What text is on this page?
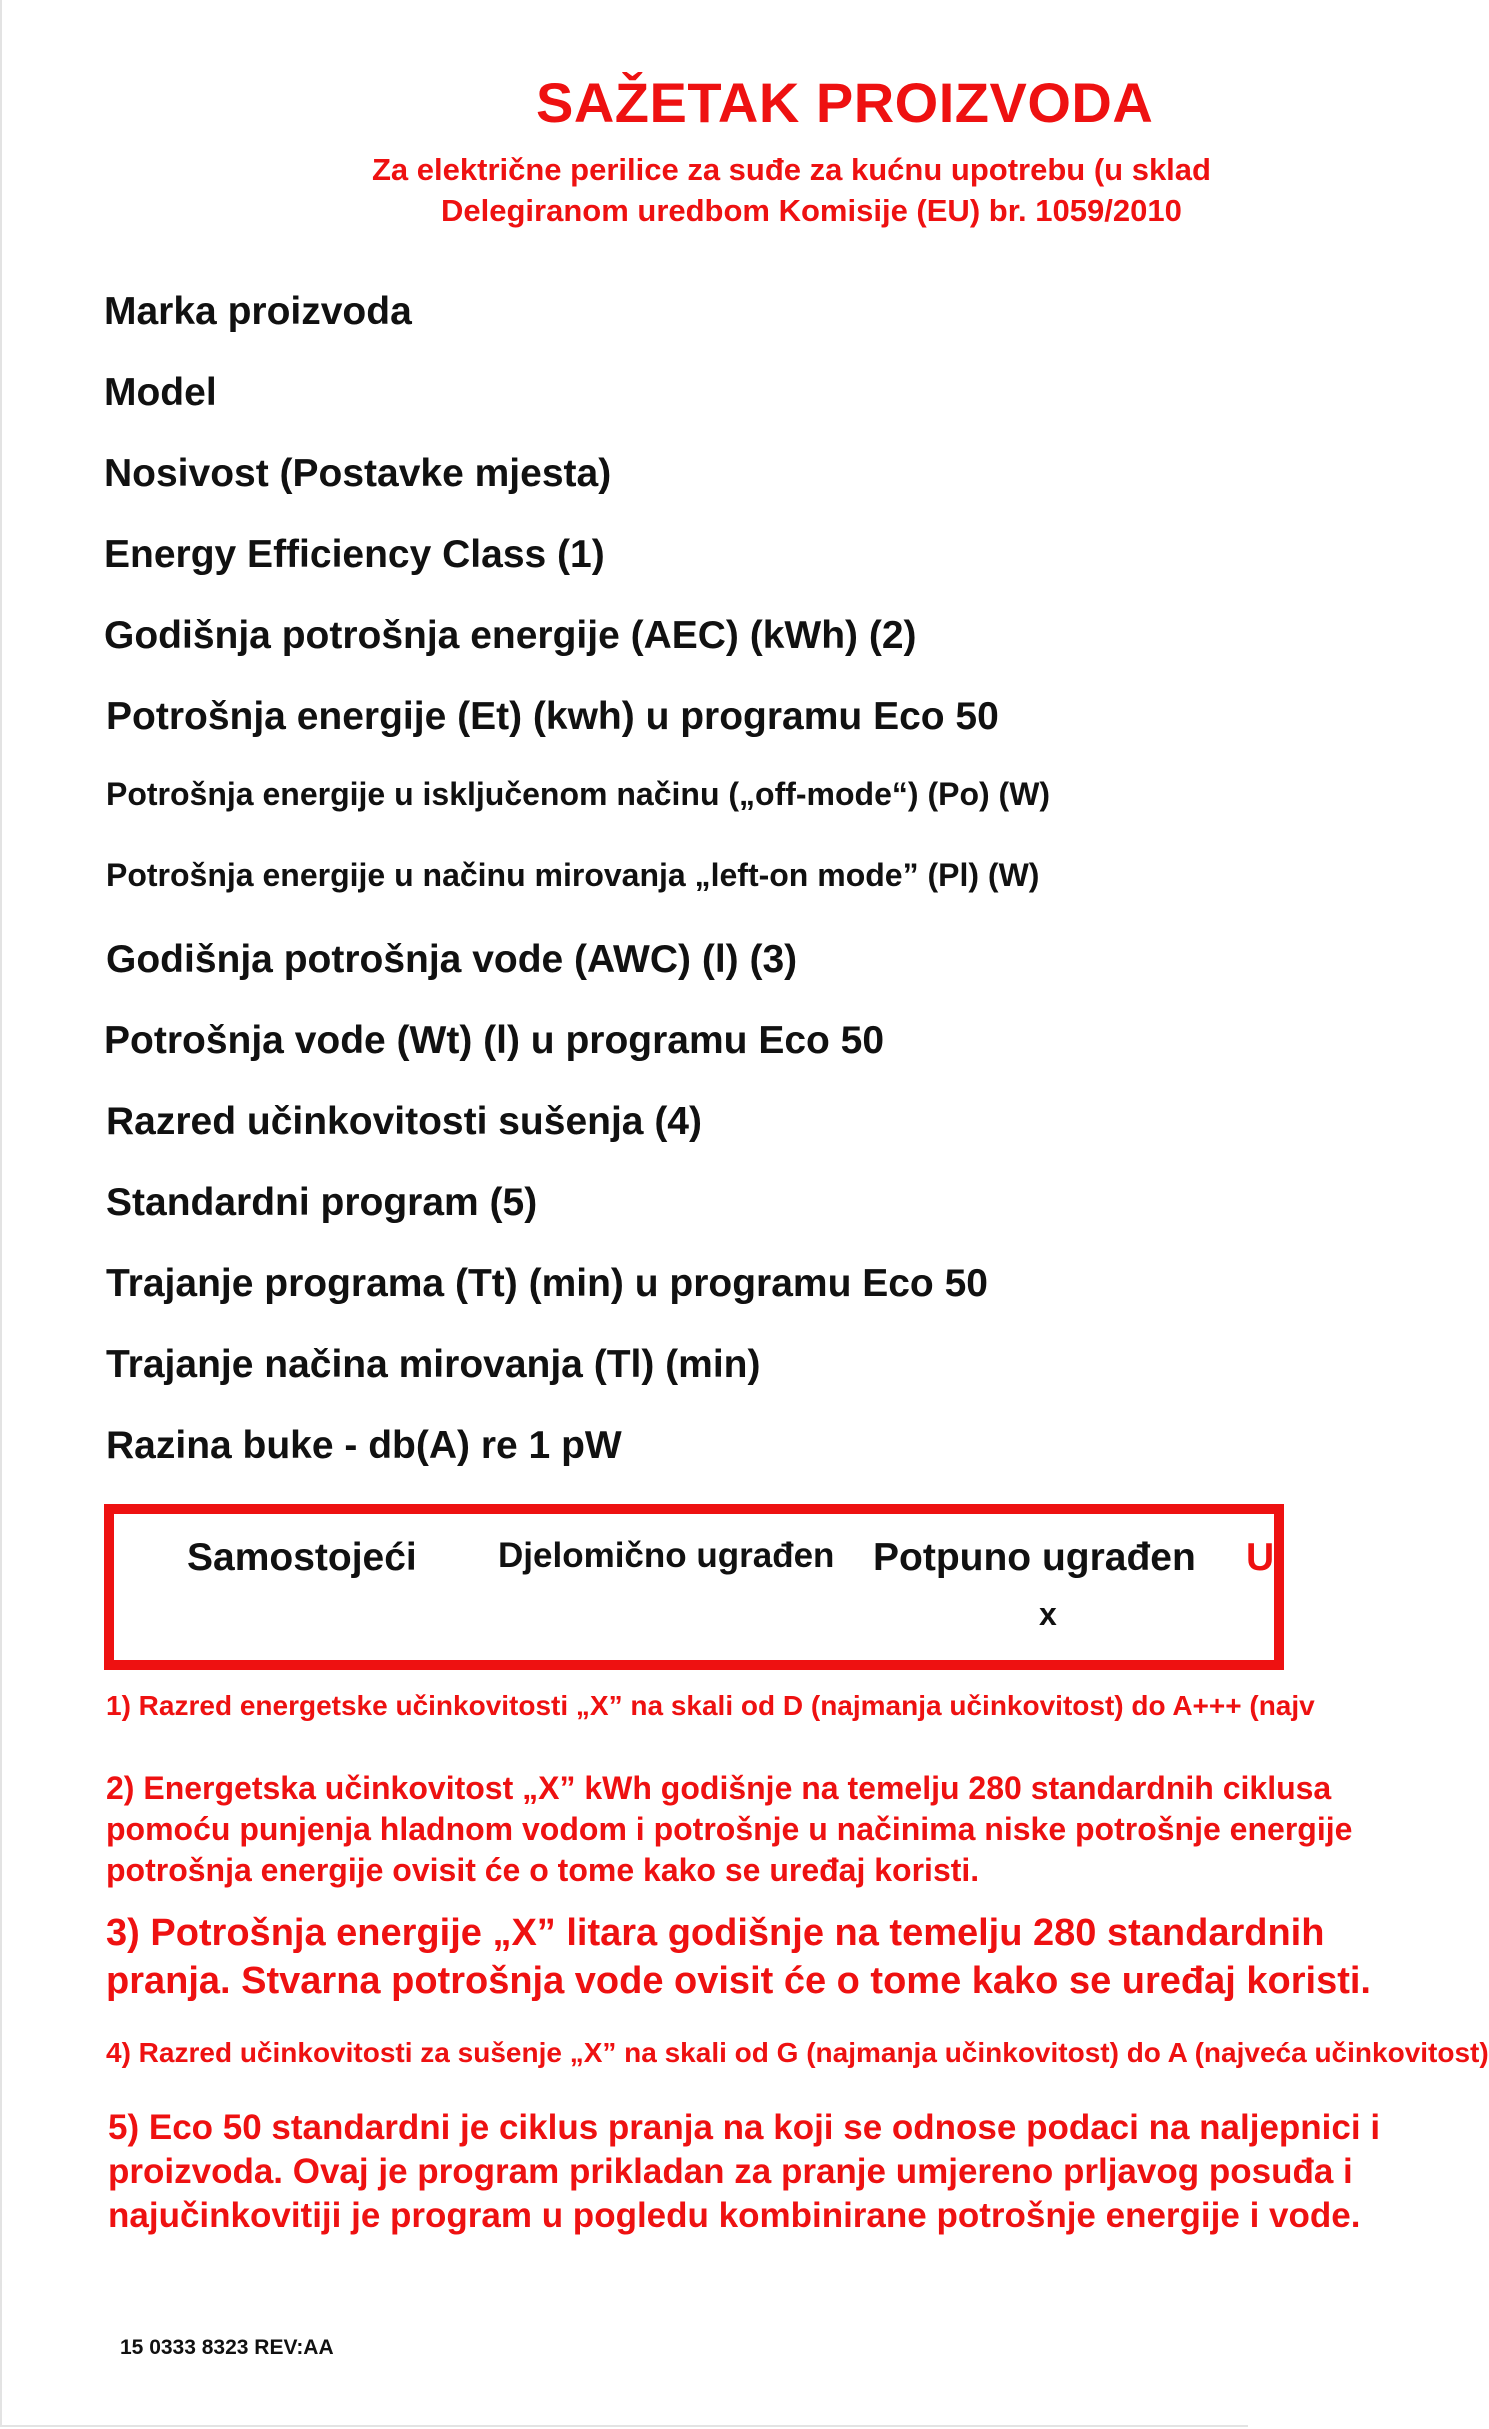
SAŽETAK PROIZVODA
Za električne perilice za suđe za kućnu upotrebu (u sklad
Delegiranom uredbom Komisije (EU) br. 1059/2010
Marka proizvoda
Model
Nosivost (Postavke mjesta)
Energy Efficiency Class (1)
Godišnja potrošnja energije (AEC) (kWh) (2)
Potrošnja energije (Et) (kwh) u programu Eco 50
Potrošnja energije u isključenom načinu („off-mode“) (Po) (W)
Potrošnja energije u načinu mirovanja „left-on mode” (Pl) (W)
Godišnja potrošnja vode (AWC) (l) (3)
Potrošnja vode (Wt) (l) u programu Eco 50
Razred učinkovitosti sušenja (4)
Standardni program (5)
Trajanje programa (Tt) (min) u programu Eco 50
Trajanje načina mirovanja (Tl) (min)
Razina buke - db(A) re 1 pW
Samostojeći Djelomično ugrađen Potpuno ugrađen
x
U
1) Razred energetske učinkovitosti „X” na skali od D (najmanja učinkovitost) do A+++ (najv
2) Energetska učinkovitost „X” kWh godišnje na temelju 280 standardnih ciklusa
pomoću punjenja hladnom vodom i potrošnje u načinima niske potrošnje energije
potrošnja energije ovisit će o tome kako se uređaj koristi.
3) Potrošnja energije „X” litara godišnje na temelju 280 standardnih
pranja. Stvarna potrošnja vode ovisit će o tome kako se uređaj koristi.
4) Razred učinkovitosti za sušenje „X” na skali od G (najmanja učinkovitost) do A (najveća učinkovitost)
5) Eco 50 standardni je ciklus pranja na koji se odnose podaci na naljepnici i
proizvoda. Ovaj je program prikladan za pranje umjereno prljavog posuđa i
najučinkovitiji je program u pogledu kombinirane potrošnje energije i vode.
15 0333 8323 REV:AA
